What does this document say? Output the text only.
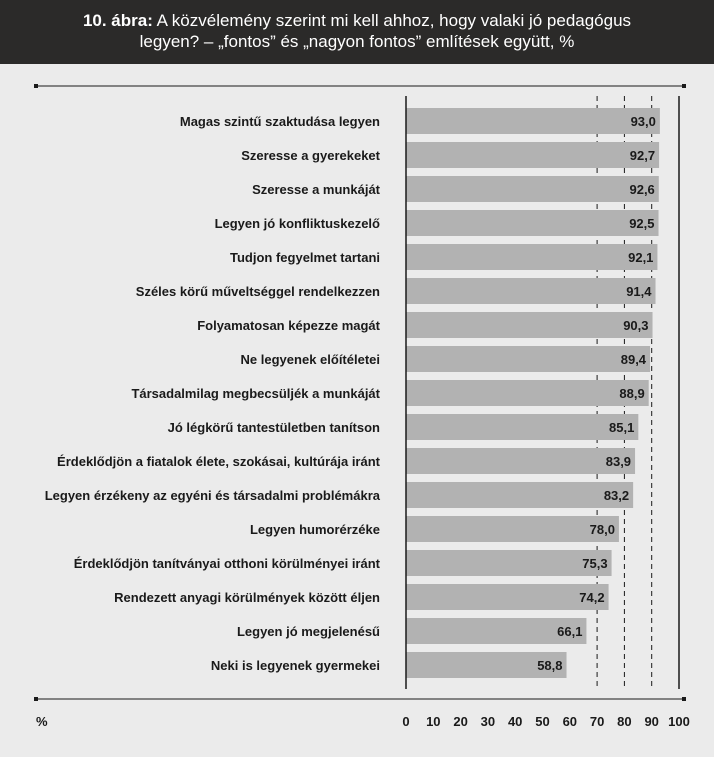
10. ábra: A közvélemény szerint mi kell ahhoz, hogy valaki jó pedagógus
legyen? – „fontos” és „nagyon fontos” említések együtt, %
93,0
Magas szintű szaktudása legyen
92,7
Szeresse a gyerekeket
92,6
Szeresse a munkáját
92,5
Legyen jó konfliktuskezelő
92,1
Tudjon fegyelmet tartani
91,4
Széles körű műveltséggel rendelkezzen
90,3
Folyamatosan képezze magát
89,4
Ne legyenek előítéletei
88,9
Társadalmilag megbecsüljék a munkáját
85,1
Jó légkörű tantestületben tanítson
83,9
Érdeklődjön a fiatalok élete, szokásai, kultúrája iránt
83,2
Legyen érzékeny az egyéni és társadalmi problémákra
78,0
Legyen humorérzéke
75,3
Érdeklődjön tanítványai otthoni körülményei iránt
74,2
Rendezett anyagi körülmények között éljen
66,1
Legyen jó megjelenésű
58,8
Neki is legyenek gyermekei
0 10 20 30 40 50 60 70 80 90 100
%
